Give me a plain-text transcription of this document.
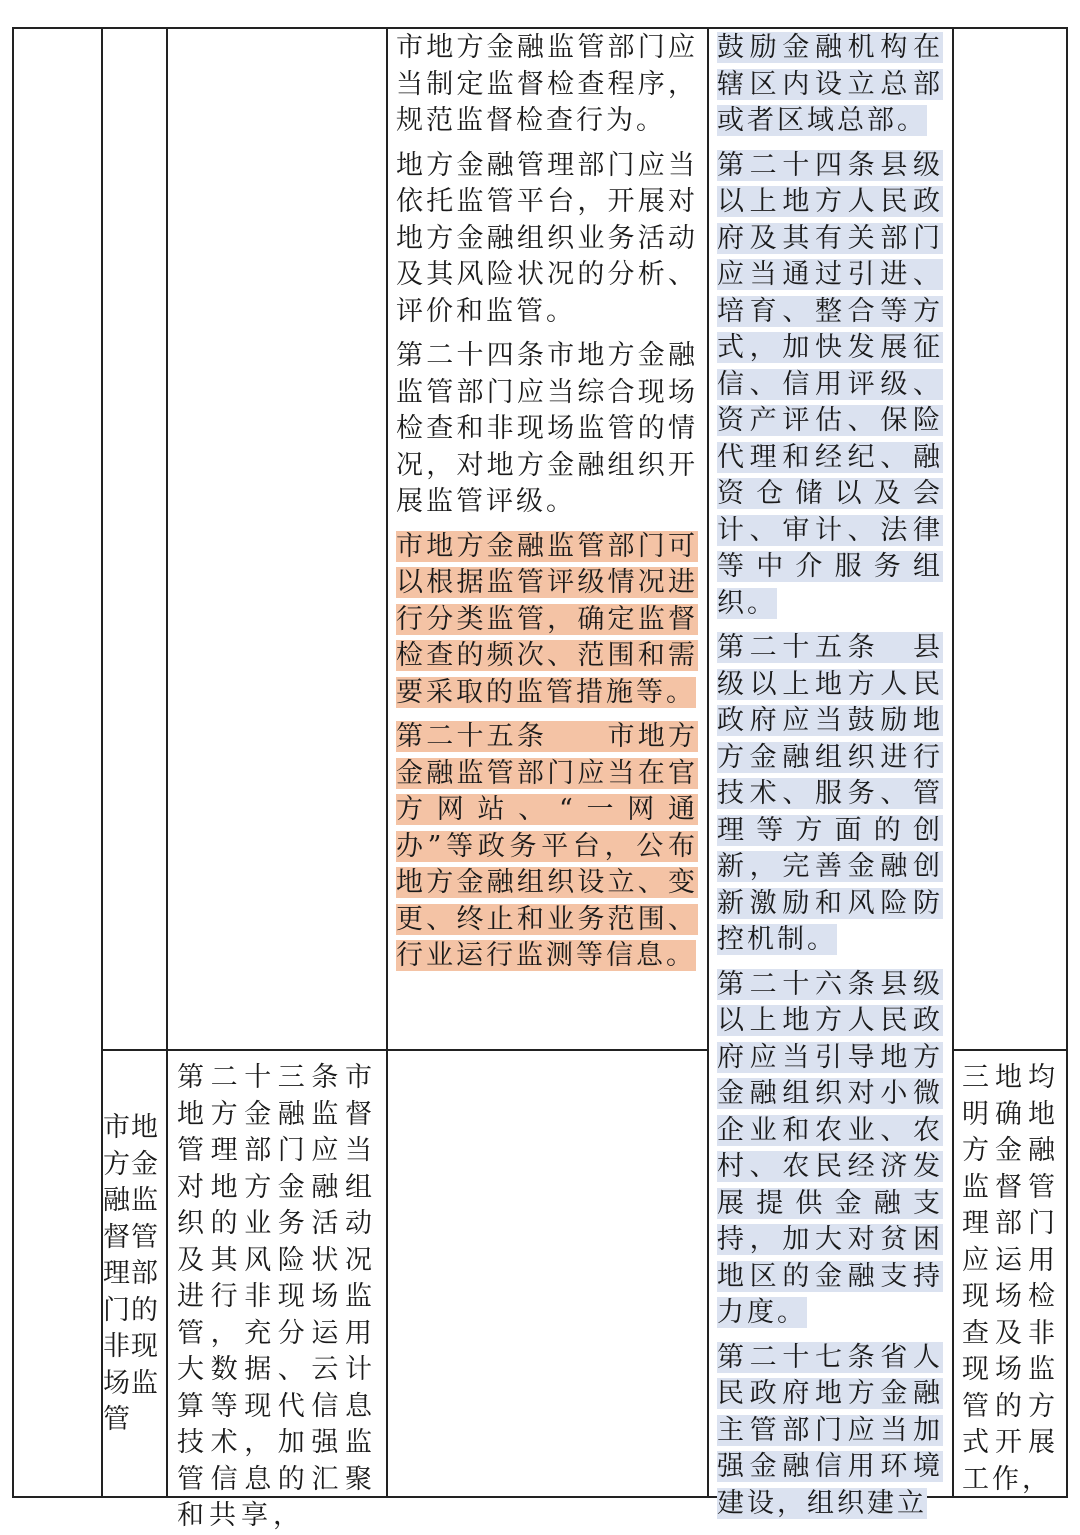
市地方金融监管部门应当制定监督检查程序，规范监督检查行为。

地方金融管理部门应当依托监管平台，开展对地方金融组织业务活动及其风险状况的分析、评价和监管。

第二十四条市地方金融监管部门应当综合现场检查和非现场监管的情况，对地方金融组织开展监管评级。

市地方金融监管部门可以根据监管评级情况进行分类监管，确定监督检查的频次、范围和需要采取的监管措施等。

第二十五条　　市地方金融监管部门应当在官方网站、“一网通办”等政务平台，公布地方金融组织设立、变更、终止和业务范围、行业运行监测等信息。

鼓励金融机构在辖区内设立总部或者区域总部。

第二十四条县级以上地方人民政府及其有关部门应当通过引进、培育、整合等方式，加快发展征信、信用评级、资产评估、保险代理和经纪、融资仓储以及会计、审计、法律等中介服务组织。

第二十五条　县级以上地方人民政府应当鼓励地方金融组织进行技术、服务、管理等方面的创新，完善金融创新激励和风险防控机制。

第二十六条县级以上地方人民政府应当引导地方金融组织对小微企业和农业、农村、农民经济发展提供金融支持，加大对贫困地区的金融支持力度。

第二十七条省人民政府地方金融主管部门应当加强金融信用环境建设，组织建立

市地方金融监督管理部门的非现场监管
第二十三条市地方金融监督管理部门应当对地方金融组织的业务活动及其风险状况进行非现场监管，充分运用大数据、云计算等现代信息技术，加强监管信息的汇聚和共享，
三地均明确地方金融监督管理部门应运用现场检查及非现场监管的方式开展工作，
